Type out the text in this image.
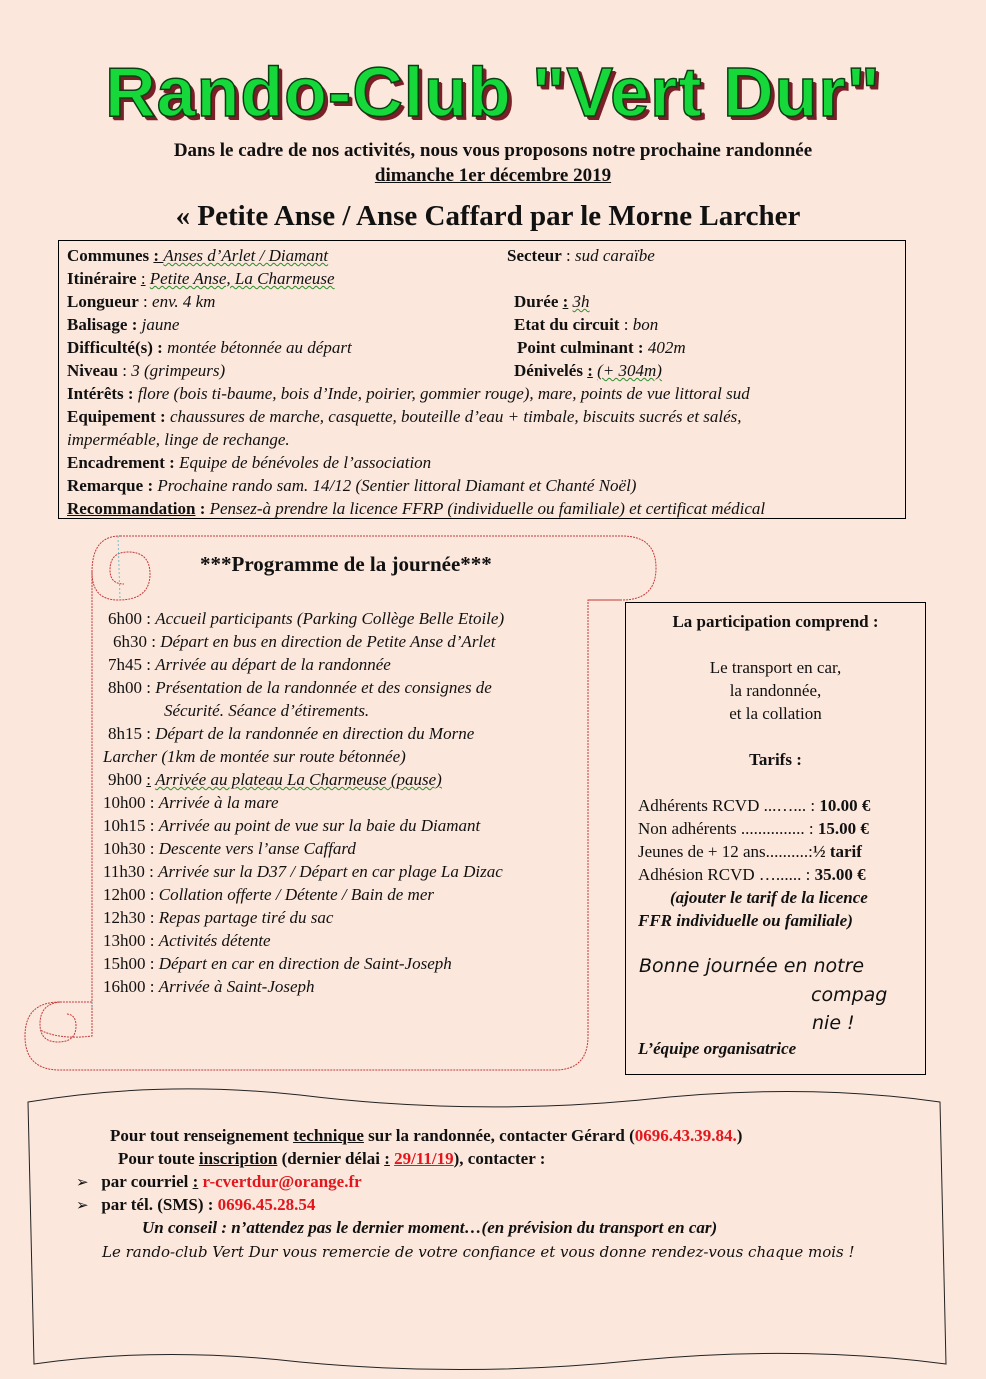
Rando-Club "Vert Dur"
Dans le cadre de nos activités, nous vous proposons notre prochaine randonnée
dimanche 1er décembre 2019
« Petite Anse / Anse Caffard par le Morne Larcher
Communes : Anses d’Arlet / Diamant	Secteur : sud caraïbe
Itinéraire : Petite Anse, La Charmeuse
Longueur : env. 4 km	Durée : 3h
Balisage : jaune	Etat du circuit : bon
Difficulté(s) : montée bétonnée au départ	Point culminant : 402m
Niveau : 3 (grimpeurs)	Dénivelés : (+ 304m)
Intérêts : flore (bois ti-baume, bois d’Inde, poirier, gommier rouge), mare, points de vue littoral sud
Equipement : chaussures de marche, casquette, bouteille d’eau + timbale, biscuits sucrés et salés,
imperméable, linge de rechange.
Encadrement : Equipe de bénévoles de l’association
Remarque : Prochaine rando sam. 14/12 (Sentier littoral Diamant et Chanté Noël)
Recommandation : Pensez-à prendre la licence FFRP (individuelle ou familiale) et certificat médical
***Programme de la journée***
6h00 : Accueil participants (Parking Collège Belle Etoile)
6h30 : Départ en bus en direction de Petite Anse d’Arlet
7h45 : Arrivée au départ de la randonnée
8h00 : Présentation de la randonnée et des consignes de
Sécurité. Séance d’étirements.
8h15 : Départ de la randonnée en direction du Morne
Larcher (1km de montée sur route bétonnée)
9h00 : Arrivée au plateau La Charmeuse (pause)
10h00 : Arrivée à la mare
10h15 : Arrivée au point de vue sur la baie du Diamant
10h30 : Descente vers l’anse Caffard
11h30 : Arrivée sur la D37 / Départ en car plage La Dizac
12h00 : Collation offerte / Détente / Bain de mer
12h30 : Repas partage tiré du sac
13h00 : Activités détente
15h00 : Départ en car en direction de Saint-Joseph
16h00 : Arrivée à Saint-Joseph
La participation comprend :
Le transport en car,
la randonnée,
et la collation
Tarifs :
Adhérents RCVD ...…... : 10.00 €
Non adhérents ............... : 15.00 €
Jeunes de + 12 ans..........:½ tarif
Adhésion RCVD …...... : 35.00 €
(ajouter le tarif de la licence
FFR individuelle ou familiale)
Bonne journée en notre
compag
nie !
L’équipe organisatrice
Pour tout renseignement technique sur la randonnée, contacter Gérard (0696.43.39.84.)
Pour toute inscription (dernier délai : 29/11/19), contacter :
➢ par courriel : r-cvertdur@orange.fr
➢ par tél. (SMS) : 0696.45.28.54
Un conseil : n’attendez pas le dernier moment…(en prévision du transport en car)
Le rando-club Vert Dur vous remercie de votre confiance et vous donne rendez-vous chaque mois !
